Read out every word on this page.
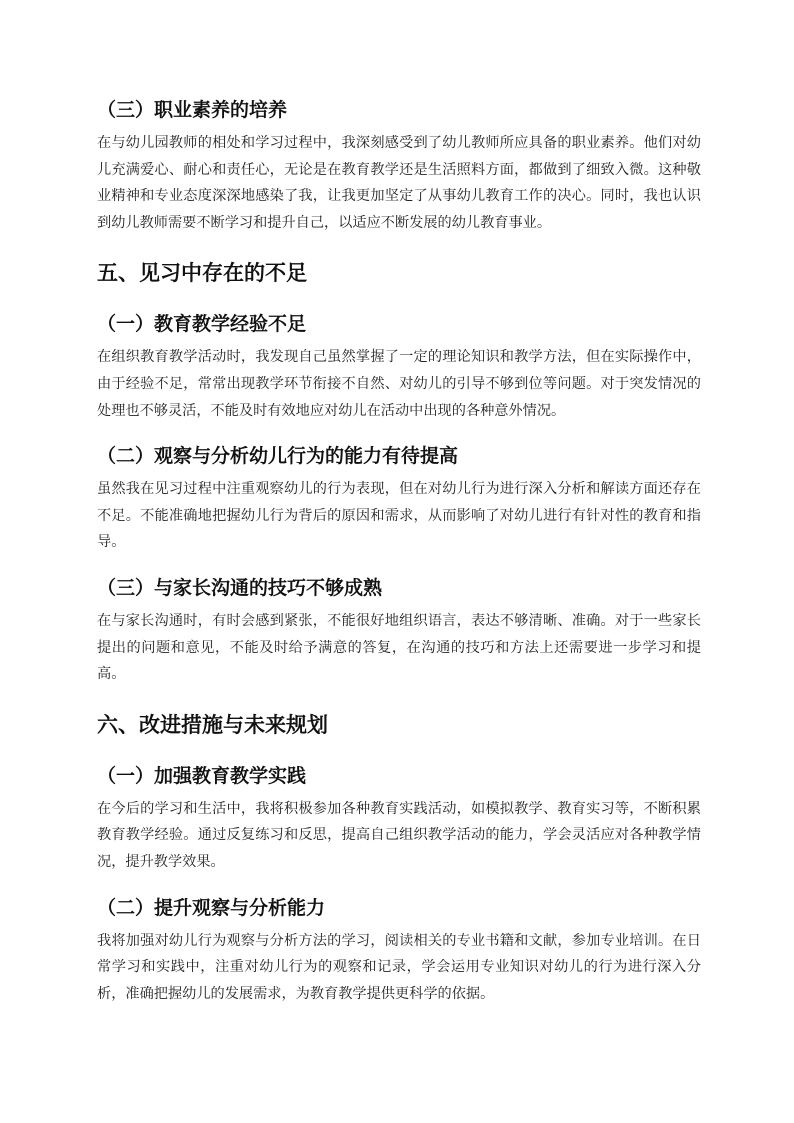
（三）职业素养的培养

在与幼儿园教师的相处和学习过程中，我深刻感受到了幼儿教师所应具备的职业素养。他们对幼儿充满爱心、耐心和责任心，无论是在教育教学还是生活照料方面，都做到了细致入微。这种敬业精神和专业态度深深地感染了我，让我更加坚定了从事幼儿教育工作的决心。同时，我也认识到幼儿教师需要不断学习和提升自己，以适应不断发展的幼儿教育事业。

五、见习中存在的不足
（一）教育教学经验不足

在组织教育教学活动时，我发现自己虽然掌握了一定的理论知识和教学方法，但在实际操作中，由于经验不足，常常出现教学环节衔接不自然、对幼儿的引导不够到位等问题。对于突发情况的处理也不够灵活，不能及时有效地应对幼儿在活动中出现的各种意外情况。

（二）观察与分析幼儿行为的能力有待提高

虽然我在见习过程中注重观察幼儿的行为表现，但在对幼儿行为进行深入分析和解读方面还存在不足。不能准确地把握幼儿行为背后的原因和需求，从而影响了对幼儿进行有针对性的教育和指导。

（三）与家长沟通的技巧不够成熟

在与家长沟通时，有时会感到紧张，不能很好地组织语言，表达不够清晰、准确。对于一些家长提出的问题和意见，不能及时给予满意的答复，在沟通的技巧和方法上还需要进一步学习和提高。

六、改进措施与未来规划
（一）加强教育教学实践

在今后的学习和生活中，我将积极参加各种教育实践活动，如模拟教学、教育实习等，不断积累教育教学经验。通过反复练习和反思，提高自己组织教学活动的能力，学会灵活应对各种教学情况，提升教学效果。

（二）提升观察与分析能力

我将加强对幼儿行为观察与分析方法的学习，阅读相关的专业书籍和文献，参加专业培训。在日常学习和实践中，注重对幼儿行为的观察和记录，学会运用专业知识对幼儿的行为进行深入分析，准确把握幼儿的发展需求，为教育教学提供更科学的依据。
